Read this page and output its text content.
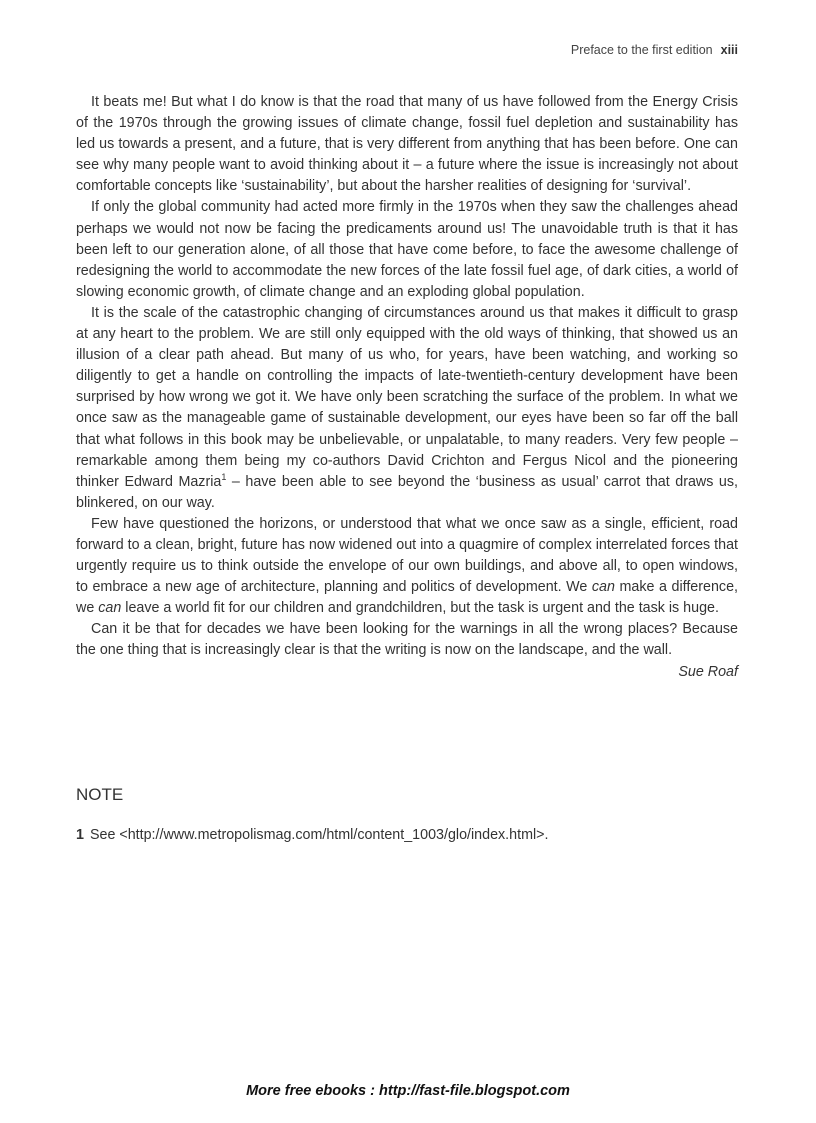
Preface to the first edition xiii

It beats me! But what I do know is that the road that many of us have followed from the Energy Crisis of the 1970s through the growing issues of climate change, fossil fuel depletion and sustainability has led us towards a present, and a future, that is very different from anything that has been before. One can see why many people want to avoid thinking about it – a future where the issue is increasingly not about comfortable concepts like ‘sustainability’, but about the harsher realities of designing for ‘survival’.

If only the global community had acted more firmly in the 1970s when they saw the challenges ahead perhaps we would not now be facing the predicaments around us! The unavoidable truth is that it has been left to our generation alone, of all those that have come before, to face the awesome challenge of redesigning the world to accommodate the new forces of the late fossil fuel age, of dark cities, a world of slowing economic growth, of climate change and an exploding global population.

It is the scale of the catastrophic changing of circumstances around us that makes it difficult to grasp at any heart to the problem. We are still only equipped with the old ways of thinking, that showed us an illusion of a clear path ahead. But many of us who, for years, have been watching, and working so diligently to get a handle on controlling the impacts of late-twentieth-century development have been surprised by how wrong we got it. We have only been scratching the surface of the problem. In what we once saw as the manageable game of sustainable development, our eyes have been so far off the ball that what follows in this book may be unbelievable, or unpalatable, to many readers. Very few people – remarkable among them being my co-authors David Crichton and Fergus Nicol and the pioneering thinker Edward Mazria$^1$ – have been able to see beyond the ‘business as usual’ carrot that draws us, blinkered, on our way.

Few have questioned the horizons, or understood that what we once saw as a single, efficient, road forward to a clean, bright, future has now widened out into a quagmire of complex interrelated forces that urgently require us to think outside the envelope of our own buildings, and above all, to open windows, to embrace a new age of architecture, planning and politics of development. We can make a difference, we can leave a world fit for our children and grandchildren, but the task is urgent and the task is huge.

Can it be that for decades we have been looking for the warnings in all the wrong places? Because the one thing that is increasingly clear is that the writing is now on the landscape, and the wall.

Sue Roaf

NOTE

1 See <http://www.metropolismag.com/html/content_1003/glo/index.html>.

More free ebooks : http://fast-file.blogspot.com
